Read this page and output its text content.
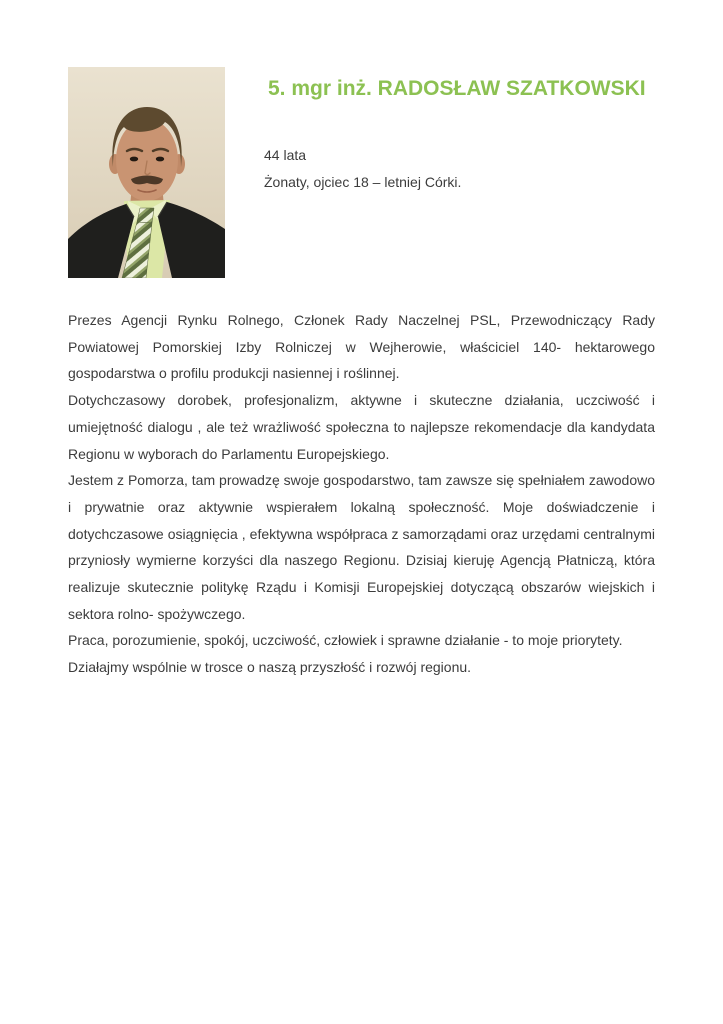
5. mgr inż. RADOSŁAW SZATKOWSKI

44 lata

Żonaty, ojciec 18 – letniej Córki.

Prezes Agencji Rynku Rolnego, Członek Rady Naczelnej PSL, Przewodniczący Rady Powiatowej Pomorskiej Izby Rolniczej w Wejherowie, właściciel 140- hektarowego gospodarstwa o profilu produkcji nasiennej i roślinnej.

Dotychczasowy dorobek, profesjonalizm, aktywne i skuteczne działania, uczciwość i umiejętność dialogu , ale też wrażliwość społeczna to najlepsze rekomendacje dla kandydata Regionu w wyborach do Parlamentu Europejskiego.

Jestem z Pomorza, tam prowadzę swoje gospodarstwo, tam zawsze się spełniałem zawodowo i prywatnie oraz aktywnie wspierałem lokalną społeczność. Moje doświadczenie i dotychczasowe osiągnięcia , efektywna współpraca z samorządami oraz urzędami centralnymi przyniosły wymierne korzyści dla naszego Regionu. Dzisiaj kieruję Agencją Płatniczą, która realizuje skutecznie politykę Rządu i Komisji Europejskiej dotyczącą obszarów wiejskich i sektora rolno- spożywczego.

Praca, porozumienie, spokój, uczciwość, człowiek i sprawne działanie - to moje priorytety.

Działajmy wspólnie w trosce o naszą przyszłość i rozwój regionu.
